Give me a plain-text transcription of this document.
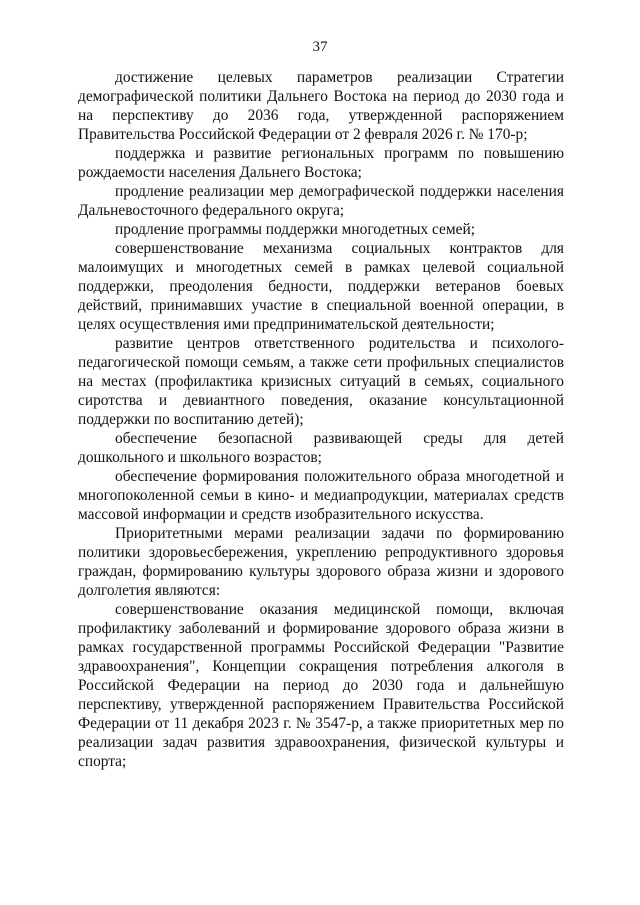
37

достижение целевых параметров реализации Стратегии демографической политики Дальнего Востока на период до 2030 года и на перспективу до 2036 года, утвержденной распоряжением Правительства Российской Федерации от 2 февраля 2026 г. № 170-р;

поддержка и развитие региональных программ по повышению рождаемости населения Дальнего Востока;

продление реализации мер демографической поддержки населения Дальневосточного федерального округа;

продление программы поддержки многодетных семей;

совершенствование механизма социальных контрактов для малоимущих и многодетных семей в рамках целевой социальной поддержки, преодоления бедности, поддержки ветеранов боевых действий, принимавших участие в специальной военной операции, в целях осуществления ими предпринимательской деятельности;

развитие центров ответственного родительства и психолого-педагогической помощи семьям, а также сети профильных специалистов на местах (профилактика кризисных ситуаций в семьях, социального сиротства и девиантного поведения, оказание консультационной поддержки по воспитанию детей);

обеспечение безопасной развивающей среды для детей дошкольного и школьного возрастов;

обеспечение формирования положительного образа многодетной и многопоколенной семьи в кино- и медиапродукции, материалах средств массовой информации и средств изобразительного искусства.

Приоритетными мерами реализации задачи по формированию политики здоровьесбережения, укреплению репродуктивного здоровья граждан, формированию культуры здорового образа жизни и здорового долголетия являются:

совершенствование оказания медицинской помощи, включая профилактику заболеваний и формирование здорового образа жизни в рамках государственной программы Российской Федерации "Развитие здравоохранения", Концепции сокращения потребления алкоголя в Российской Федерации на период до 2030 года и дальнейшую перспективу, утвержденной распоряжением Правительства Российской Федерации от 11 декабря 2023 г. № 3547-р, а также приоритетных мер по реализации задач развития здравоохранения, физической культуры и спорта;
